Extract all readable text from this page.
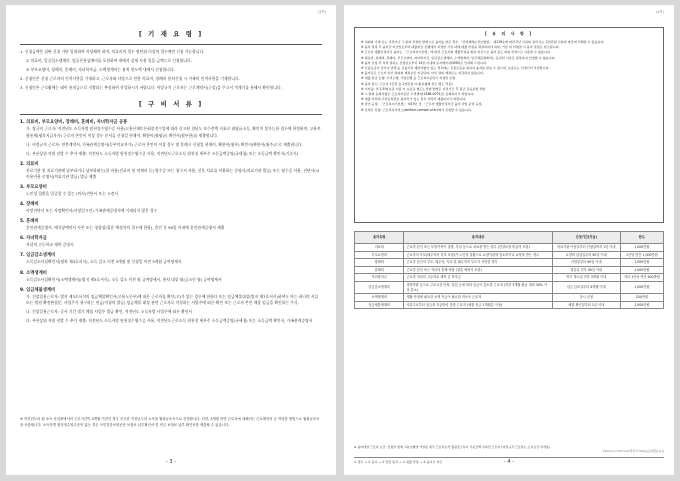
(3쪽)
[ 기 재 요 령 ]

1. 신청금액은 실판 신위 가단 밀내하여 작성해야 하며, 의료비의 경우 원단위 이상의 경우에만 신청 가능합니다.

① 의료비, 일공입소생계비, 임공본통상계비를 포함하여 내에서 실제 사용 일을 금액으로 신청합니다.

② 부모요양비, 장례비, 혼례비, 자녀학자금, 소액생계비는 용처 한도액 내에서 신청합니다.

2. 신청인은 신청 근로자의 인적사항을 기재하고, 근로자와 사망으로 인한 의료비, 장례비 용처신청 시 가족의 인적사항을 기재합니다.

3. 신청인은 근로활에는 태어 용처금으로 지출되는 추심하여 작성하시기 바랍니다. 이앙규칙 근로자는 근로계약서(근설)을 주고서 적재기를 통해서 확인합니다.

[ 구 비 서 류 ]
1. 의료비, 부모요양비, 장례비, 혼례비, 자녀학자금 공통

가. 장규직 근로자: 직전년도 소득자별 원천징수영수증 사용(고용산재토론최종전수입에 따라 신고된 경년도 보수총액 지표로 월평균소득, 확인이 불가능한 경우에 한정하며, 고용보험통계(평목지급자가) 근로자 본인이 이상 경우 문서류 신청일 현재이, 확한이(월평균) 확인서(월부한)를 제출합니다.

나. 비정규직 근로자: 연봉계약서, 가족관계증명서(등부미요자가) 근로자 본인이 이상 경우 및 혼례시 신청일 현재이, 확한이(월부) 확인서(확한이(월주)으로 제출합니다.

다. 부산상위 직원 선발 수 추가 제출: 직전년도 소득자별 원천징수영수증 사용, 직전년도근로소득 원천징 세부주 소득금액증명(국세청) 또는 소득금액 확인서(기준서)

2. 의료비

진료기관 및 치료기관에 납부하거나 납부하려는(할 비용)진료비 및 약제비 등) 영수증 또는 청구서 사용, 신후 치료를 이용하는 중명서(의료기관 발급) 또는 영수증 사용, 진단서(요 이용비용 중명서(의료기관 발급) 발급 제출

3. 부모요양비

노인성 질환을 입증할 수 있는 (의사)진단서 또는 소견서

4. 장례비

사망진단서 또는 사망확인서(사망일시인) 가족관계증명서에 기재되지 않은 경우

5. 혼례비

혼인관계증명서, 예식장예약서 사본 또는 청첩장(결혼 예정자의 경우에 한함), 혼인 후 90일 이내에 혼인관계증명서 제출

6. 자녀학자금

자녀의 고등학교 재학 증명서

7. 임금감소생계비

소득감소사실확인서(월차 제3호서식), 소득 감소 이전 3개월 및 신청일 이전 3개월 급여명세서

8. 소액생계비

소득감소사실확인서(소액생계비)(별지 제3호서식), 소득 감소 직전 월 급여명세서, 용처 대상 월(급소인 월) 급여명세서

9. 임금체불생계비

가. 건설일용근로자: 별지 제3호서식의 임금체불확인서(고용노동부)에 따른 근로자를 확인(고)가 있는 경우에 한한다 또는 임금체불대장(별지 제7호서식)하여도 아는 하나의 서류 또는 법원 확정판결문, 사업주가 청구하는 연금(미청의 발급) 임금체불 대상 관련 근로자로 작성하는 사업주에 따른 확인 또는 근로자 본인 체불 임금을 확인하는 주식.

나. 건설일용근로자: 공사 기간 별기 체불 사업주 발급 확인, 직전년도 소득자별 사업주에 따른 확인서

다. 부산상위 직원 선발 수 추가 제출: 직전년도 소득자별 원천징수영수증 사용, 직전년도근로소득 원천징 세부주 소득금액증명(국세청) 또는 소득금액 확인서, 가족관계증명서

※ 직전년도의 원 소득 사업장에서의 근무기간이 3개월 이전인 경우 신고한 직전년도의 소득을 월평균소득으로 산정합니다. 다만, 3개월 미만 근로자에 대해서는 근로계약서 등 적당한 방법으로 월평균소득을 산출합니다. 소득자별 원천징수영수증이 없는 경우 국민건강보험공단 보험료 납부확인서 및 연금 보험료 납부 확인서를 제출할 수 있습니다.
- 3 -
(4쪽)
[ 유 의 사 항 ]

※ 허위의 기재 또는 거짓이나 그 밖의 부정한 방법으로 융자를 받은 경우 「산업재해보상보험법」 제128조에 따라 2년 이하의 징역 또는 2천만원 이하의 벌금에 처해질 수 있습니다.

※ 융자 결정 후 융자금 지급일로부터 대출취급 은행에서 지정한 기일 내에 대출 약정을 체결하여야 하며, 기일 내 미체결 시 융자 결정은 취소됩니다.

※ 근로자 생활안정자금 융자는 「근로복지기본법」에 따른 근로자의 생활안정을 위한 자금으로 융자 용도 외의 목적으로 사용할 수 없습니다.

※ 의료비, 장례비, 혼례비, 부모요양비, 자녀학자금, 임금감소생계비, 소액생계비, 임금체불생계비는 동일한 사유로 중복하여 신청할 수 없습니다.

※ 융자 신청 후 처리 결과는 신청일로부터 14일 이내에 문자메시지(SMS)로 안내해 드립니다.

※ 신용등급이 낮거나 연체 등 금융기관 제한사항이 있는 경우에는 신용보증을 통하여 융자를 받을 수 있으며, 보증료는 신청인이 부담합니다.

※ 융자금은 근로자 본인 명의의 계좌로만 지급되며, 타인 명의 계좌로는 지급되지 않습니다.

※ 대출 취급 은행: 우리은행, 기업은행 등 근로복지공단이 지정한 은행

※ 융자 한도: 근로자 1인당 총 2천만원 이내(유형별 한도 별도 적용)

※ 이자율: 연 1.5%(보증 이용 시 보증료 별도), 상환 방법은 거치기간 후 원금 균등분할 상환

※ 그 밖의 문의사항은 근로복지공단 고객센터(1588-0075)로 문의하시기 바랍니다.

※ 제출 서류에 주민등록번호 뒷자리가 있는 경우 가려서 제출하시기 바랍니다.

※ 관련 규정: 「근로복지기본법」 제19조 및 「근로자 생활안정자금 융자 사업 운영 규정」

※ 온라인 신청: 근로복지서비스(welfare.comwel.or.kr)에서 신청할 수 있습니다.

융자유형	융자대상	신청기간(지급)	한도
의료비	근로자 본인 또는 부양가족이 질병, 부상 등으로 치료를 받는 경우 (건강보험 비급여 포함)	의료기관 이용일부터 신청일까지 1년 이내	1,000만원
부모요양비	근로자의 부모(배우자의 부모 포함)가 노인성 질환으로 요양기관에 입소하거나 요양을 받는 경우	요양비 납입일부터 90일 이내	1인당 연간 1,000만원
장례비	근로자 본인의 부모, 배우자, 자녀 및 배우자의 부모가 사망한 경우	사망일부터 90일 이내	1,000만원
혼례비	근로자 본인 또는 자녀의 혼례 비용 (결혼 예정자 포함)	결혼일 전후 90일 이내	1,000만원
자녀학자금	근로자 자녀의 고등학교 재학 중 학자금	학기 개시일 전후 3개월 이내	자녀 1인당 연간 500만원
임금감소생계비	경영악화 등으로 근로시간 단축, 휴업 등에 따라 임금이 감소한 근로자 (직전 3개월 평균 대비 30% 이상 감소)	임금 감소일부터 6개월 이내	1,000만원
소액생계비	생활 안정에 필요한 소액 자금이 필요한 저소득 근로자	상시 신청	200만원
임금체불생계비	사업주로부터 임금을 지급받지 못한 근로자 (체불 임금 1개월분 이상)	체불 확인일부터 1년 이내	1,000만원
※ 융자대상 근로자 요건: 신청일 현재 고용보험에 가입된 재직 근로자로서 월평균소득이 기준금액 이하인 근로자 (비정규직 근로자는 소득요건 미적용)
① 접수 → ② 심사 → ③ 결정 통지 → ④ 대출 약정 → ⑤ 융자금 지급
210mm×297mm[백상지 80g/㎡(재활용품)]
- 4 -
